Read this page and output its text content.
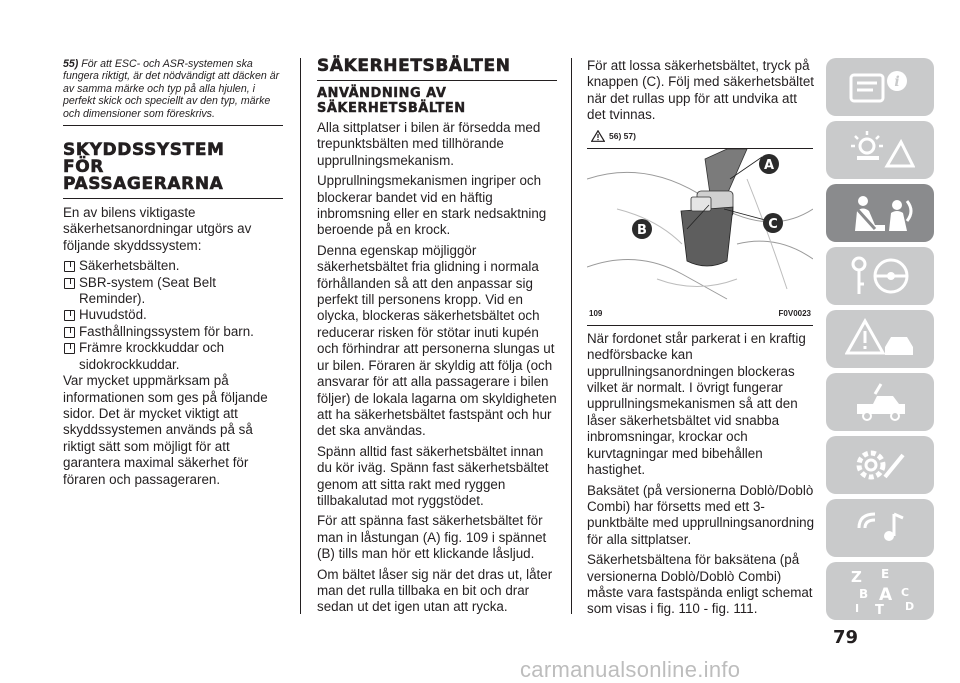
55) För att ESC- och ASR-systemen ska fungera riktigt, är det nödvändigt att däcken är av samma märke och typ på alla hjulen, i perfekt skick och speciellt av den typ, märke och dimensioner som föreskrivs.
SKYDDSSYSTEM
FÖR
PASSAGERARNA

En av bilens viktigaste säkerhetsanordningar utgörs av följande skyddssystem:

Säkerhetsbälten.
SBR-system (Seat Belt Reminder).
Huvudstöd.
Fasthållningssystem för barn.
Främre krockkuddar och sidokrockkuddar.

Var mycket uppmärksam på informationen som ges på följande sidor. Det är mycket viktigt att skyddssystemen används på så riktigt sätt som möjligt för att garantera maximal säkerhet för föraren och passageraren.

SÄKERHETSBÄLTEN
ANVÄNDNING AV
SÄKERHETSBÄLTEN

Alla sittplatser i bilen är försedda med trepunktsbälten med tillhörande upprullningsmekanism.

Upprullningsmekanismen ingriper och blockerar bandet vid en häftig inbromsning eller en stark nedsaktning beroende på en krock.

Denna egenskap möjliggör säkerhetsbältet fria glidning i normala förhållanden så att den anpassar sig perfekt till personens kropp. Vid en olycka, blockeras säkerhetsbältet och reducerar risken för stötar inuti kupén och förhindrar att personerna slungas ut ur bilen. Föraren är skyldig att följa (och ansvarar för att alla passagerare i bilen följer) de lokala lagarna om skyldigheten att ha säkerhetsbältet fastspänt och hur det ska användas.

Spänn alltid fast säkerhetsbältet innan du kör iväg. Spänn fast säkerhetsbältet genom att sitta rakt med ryggen tillbakalutad mot ryggstödet.

För att spänna fast säkerhetsbältet för man in låstungan (A) fig. 109 i spännet (B) tills man hör ett klickande låsljud.

Om bältet låser sig när det dras ut, låter man det rulla tillbaka en bit och drar sedan ut det igen utan att rycka.

För att lossa säkerhetsbältet, tryck på knappen (C). Följ med säkerhetsbältet när det rullas upp för att undvika att det tvinnas.

56) 57)
A
B	C
109	F0V0023

När fordonet står parkerat i en kraftig nedförsbacke kan upprullningsanordningen blockeras vilket är normalt. I övrigt fungerar upprullningsmekanismen så att den låser säkerhetsbältet vid snabba inbromsningar, krockar och kurvtagningar med bibehållen hastighet.

Baksätet (på versionerna Doblò/Doblò Combi) har försetts med ett 3-punktbälte med upprullningsanordning för alla sittplatser.

Säkerhetsbältena för baksätena (på versionerna Doblò/Doblò Combi) måste vara fastspända enligt schemat som visas i fig. 110 - fig. 111.

79
i
Z E
B A C
D
I T
carmanualsonline.info
